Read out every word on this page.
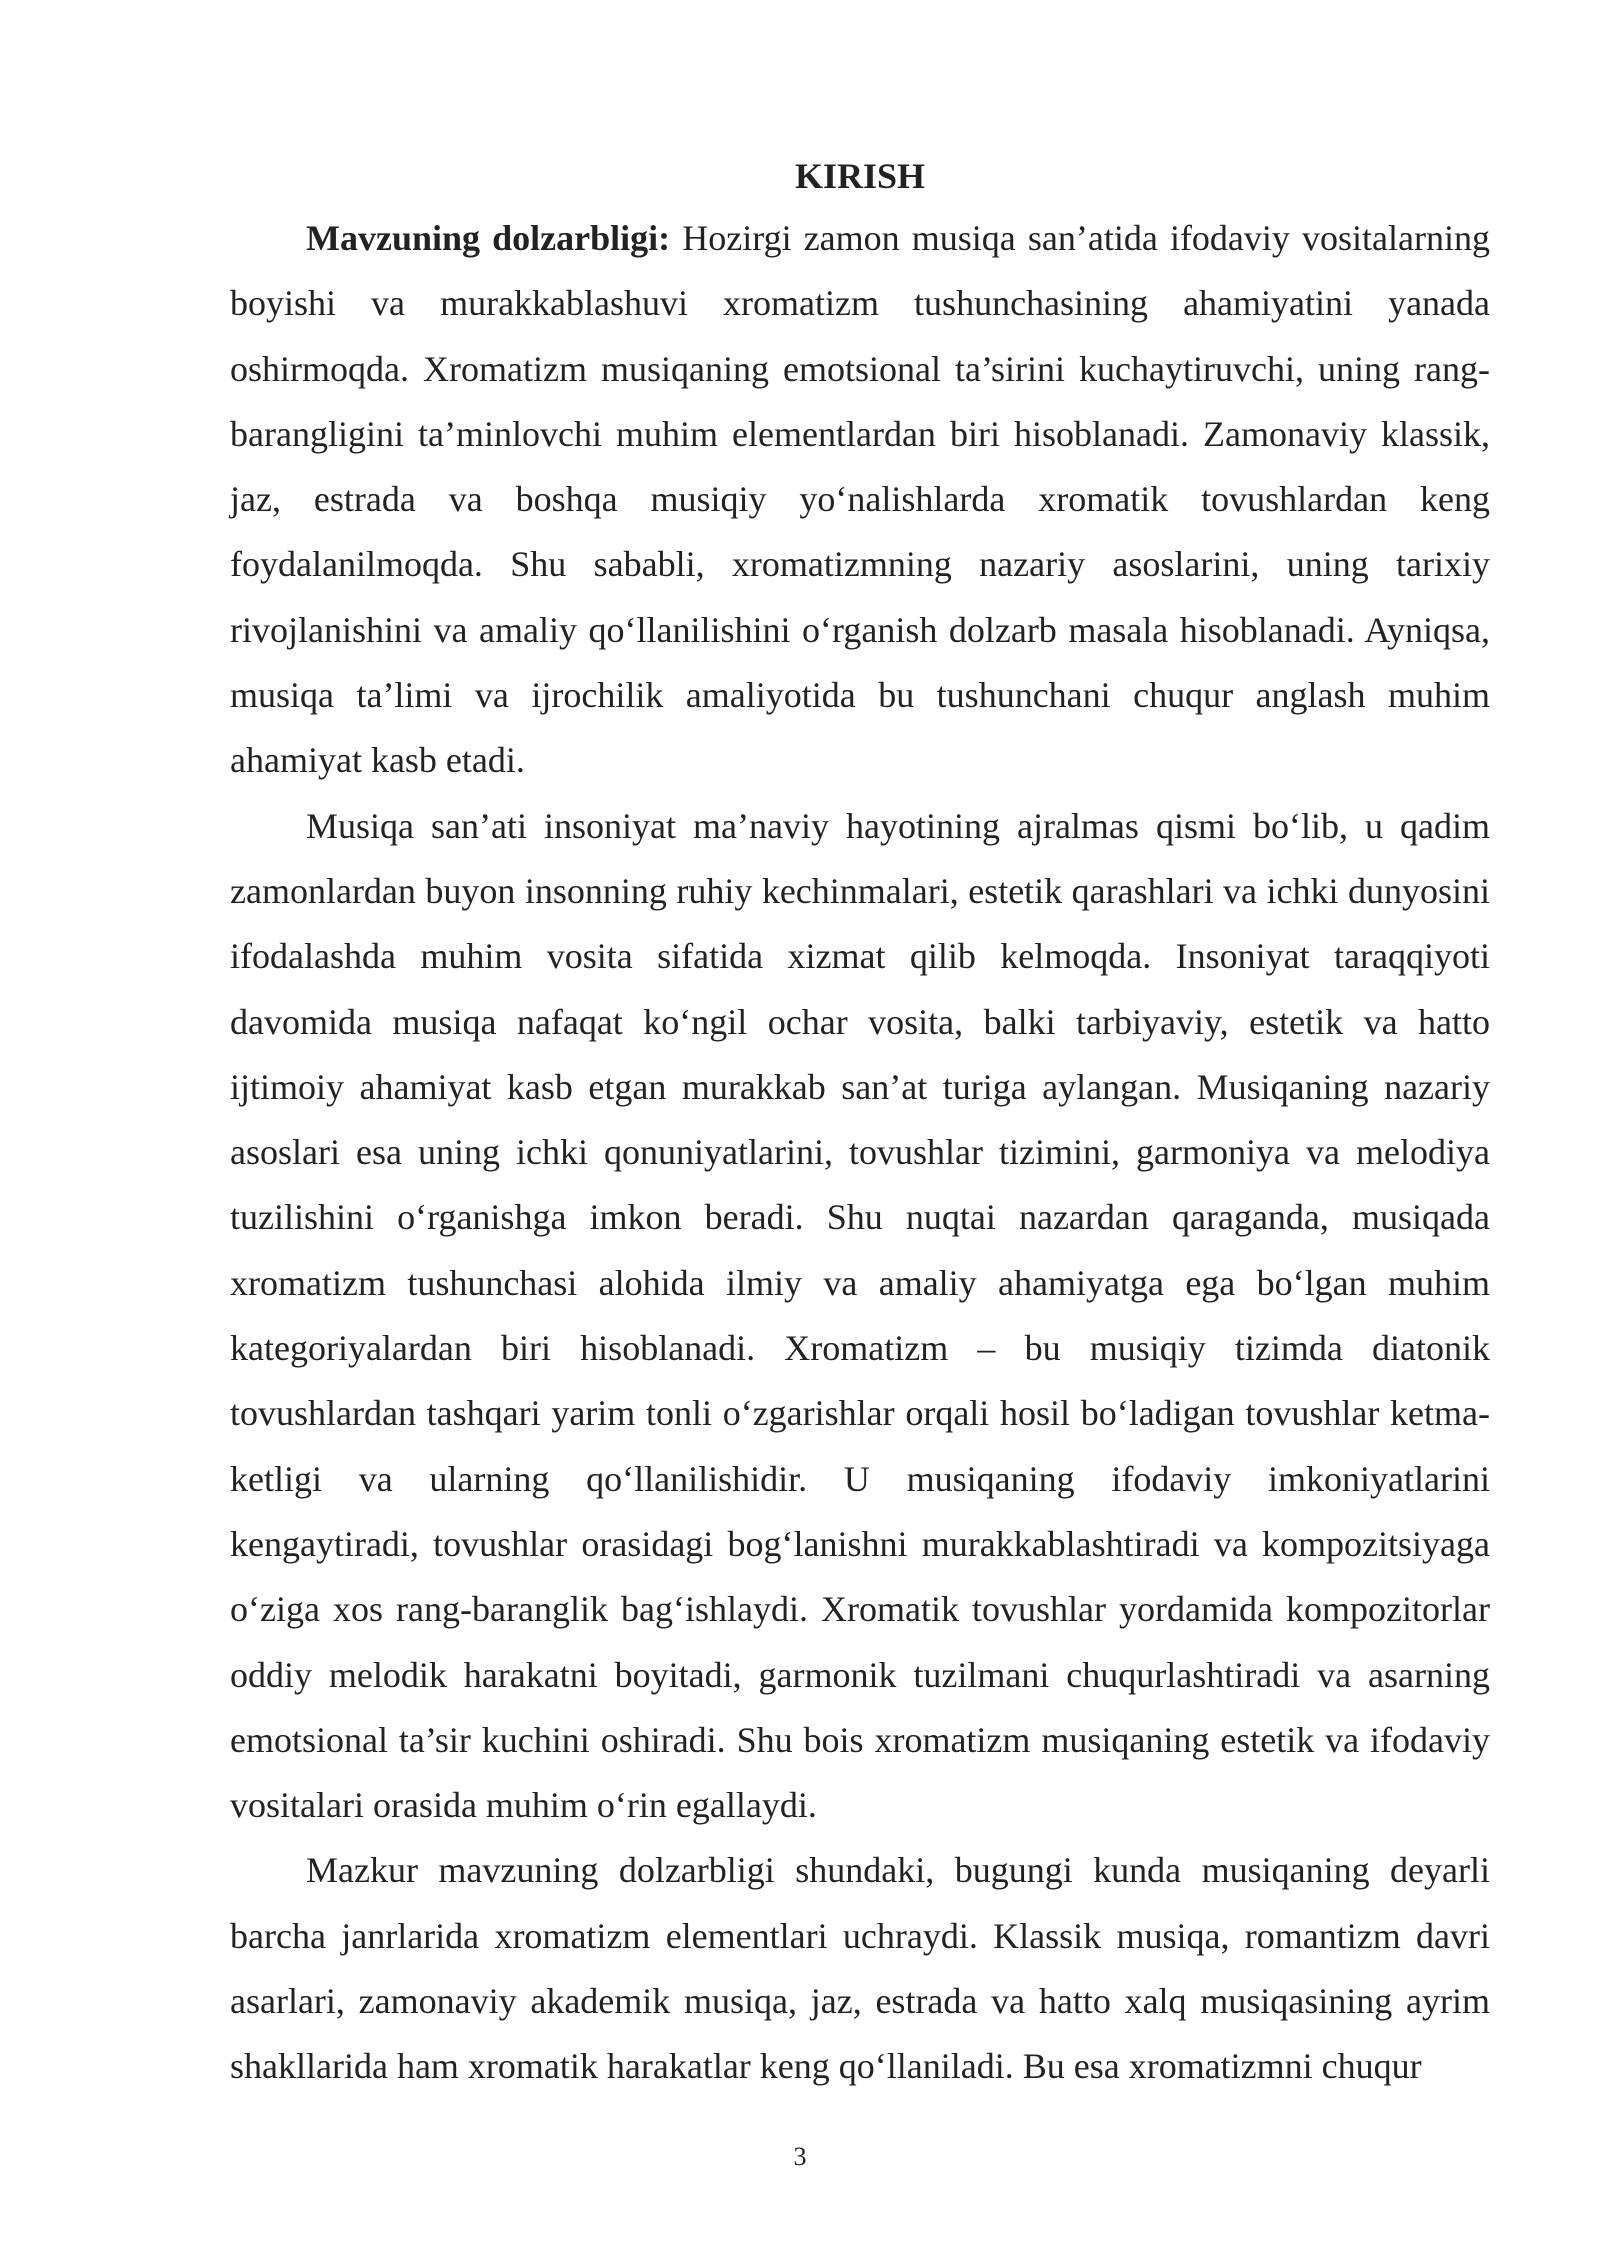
KIRISH

Mavzuning dolzarbligi: Hozirgi zamon musiqa san’atida ifodaviy vositalarning boyishi va murakkablashuvi xromatizm tushunchasining ahamiyatini yanada oshirmoqda. Xromatizm musiqaning emotsional ta’sirini kuchaytiruvchi, uning rang-barangligini ta’minlovchi muhim elementlardan biri hisoblanadi. Zamonaviy klassik, jaz, estrada va boshqa musiqiy yo‘nalishlarda xromatik tovushlardan keng foydalanilmoqda. Shu sababli, xromatizmning nazariy asoslarini, uning tarixiy rivojlanishini va amaliy qo‘llanilishini o‘rganish dolzarb masala hisoblanadi. Ayniqsa, musiqa ta’limi va ijrochilik amaliyotida bu tushunchani chuqur anglash muhim ahamiyat kasb etadi.

Musiqa san’ati insoniyat ma’naviy hayotining ajralmas qismi bo‘lib, u qadim zamonlardan buyon insonning ruhiy kechinmalari, estetik qarashlari va ichki dunyosini ifodalashda muhim vosita sifatida xizmat qilib kelmoqda. Insoniyat taraqqiyoti davomida musiqa nafaqat ko‘ngil ochar vosita, balki tarbiyaviy, estetik va hatto ijtimoiy ahamiyat kasb etgan murakkab san’at turiga aylangan. Musiqaning nazariy asoslari esa uning ichki qonuniyatlarini, tovushlar tizimini, garmoniya va melodiya tuzilishini o‘rganishga imkon beradi. Shu nuqtai nazardan qaraganda, musiqada xromatizm tushunchasi alohida ilmiy va amaliy ahamiyatga ega bo‘lgan muhim kategoriyalardan biri hisoblanadi. Xromatizm – bu musiqiy tizimda diatonik tovushlardan tashqari yarim tonli o‘zgarishlar orqali hosil bo‘ladigan tovushlar ketma-ketligi va ularning qo‘llanilishidir. U musiqaning ifodaviy imkoniyatlarini kengaytiradi, tovushlar orasidagi bog‘lanishni murakkablashtiradi va kompozitsiyaga o‘ziga xos rang-baranglik bag‘ishlaydi. Xromatik tovushlar yordamida kompozitorlar oddiy melodik harakatni boyitadi, garmonik tuzilmani chuqurlashtiradi va asarning emotsional ta’sir kuchini oshiradi. Shu bois xromatizm musiqaning estetik va ifodaviy vositalari orasida muhim o‘rin egallaydi.

Mazkur mavzuning dolzarbligi shundaki, bugungi kunda musiqaning deyarli barcha janrlarida xromatizm elementlari uchraydi. Klassik musiqa, romantizm davri asarlari, zamonaviy akademik musiqa, jaz, estrada va hatto xalq musiqasining ayrim shakllarida ham xromatik harakatlar keng qo‘llaniladi. Bu esa xromatizmni chuqur

3
